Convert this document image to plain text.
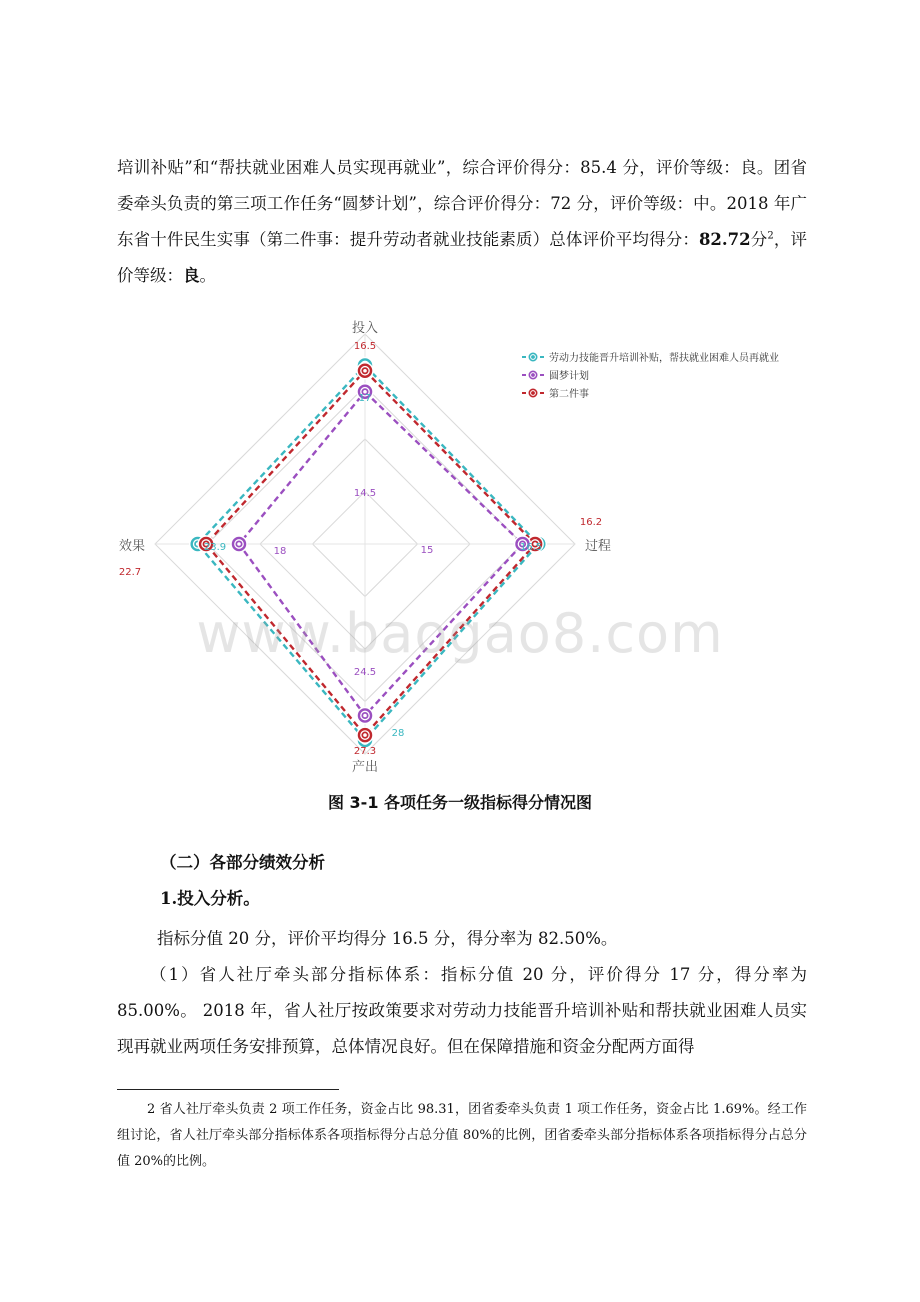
培训补贴”和“帮扶就业困难人员实现再就业”，综合评价得分：85.4 分，评价等级：良。团省委牵头负责的第三项工作任务“圆梦计划”，综合评价得分：72 分，评价等级：中。2018 年广东省十件民生实事（第二件事：提升劳动者就业技能素质）总体评价平均得分：82.72分$^2$，评价等级：良。

投入
过程
产出
效果
17
16.5
28
23.9
14.5
15
24.5
18
16.5
16.2
27.3
22.7
劳动力技能晋升培训补贴，帮扶就业困难人员再就业
圆梦计划
第二件事
www.baogao8.com
图 3-1 各项任务一级指标得分情况图

（二）各部分绩效分析

1.投入分析。

指标分值 20 分，评价平均得分 16.5 分，得分率为 82.50%。

（1）省人社厅牵头部分指标体系：指标分值 20 分，评价得分 17 分，得分率为 85.00%。 2018 年，省人社厅按政策要求对劳动力技能晋升培训补贴和帮扶就业困难人员实现再就业两项任务安排预算，总体情况良好。但在保障措施和资金分配两方面得

2 省人社厅牵头负责 2 项工作任务，资金占比 98.31，团省委牵头负责 1 项工作任务，资金占比 1.69%。经工作组讨论，省人社厅牵头部分指标体系各项指标得分占总分值 80%的比例，团省委牵头部分指标体系各项指标得分占总分值 20%的比例。
